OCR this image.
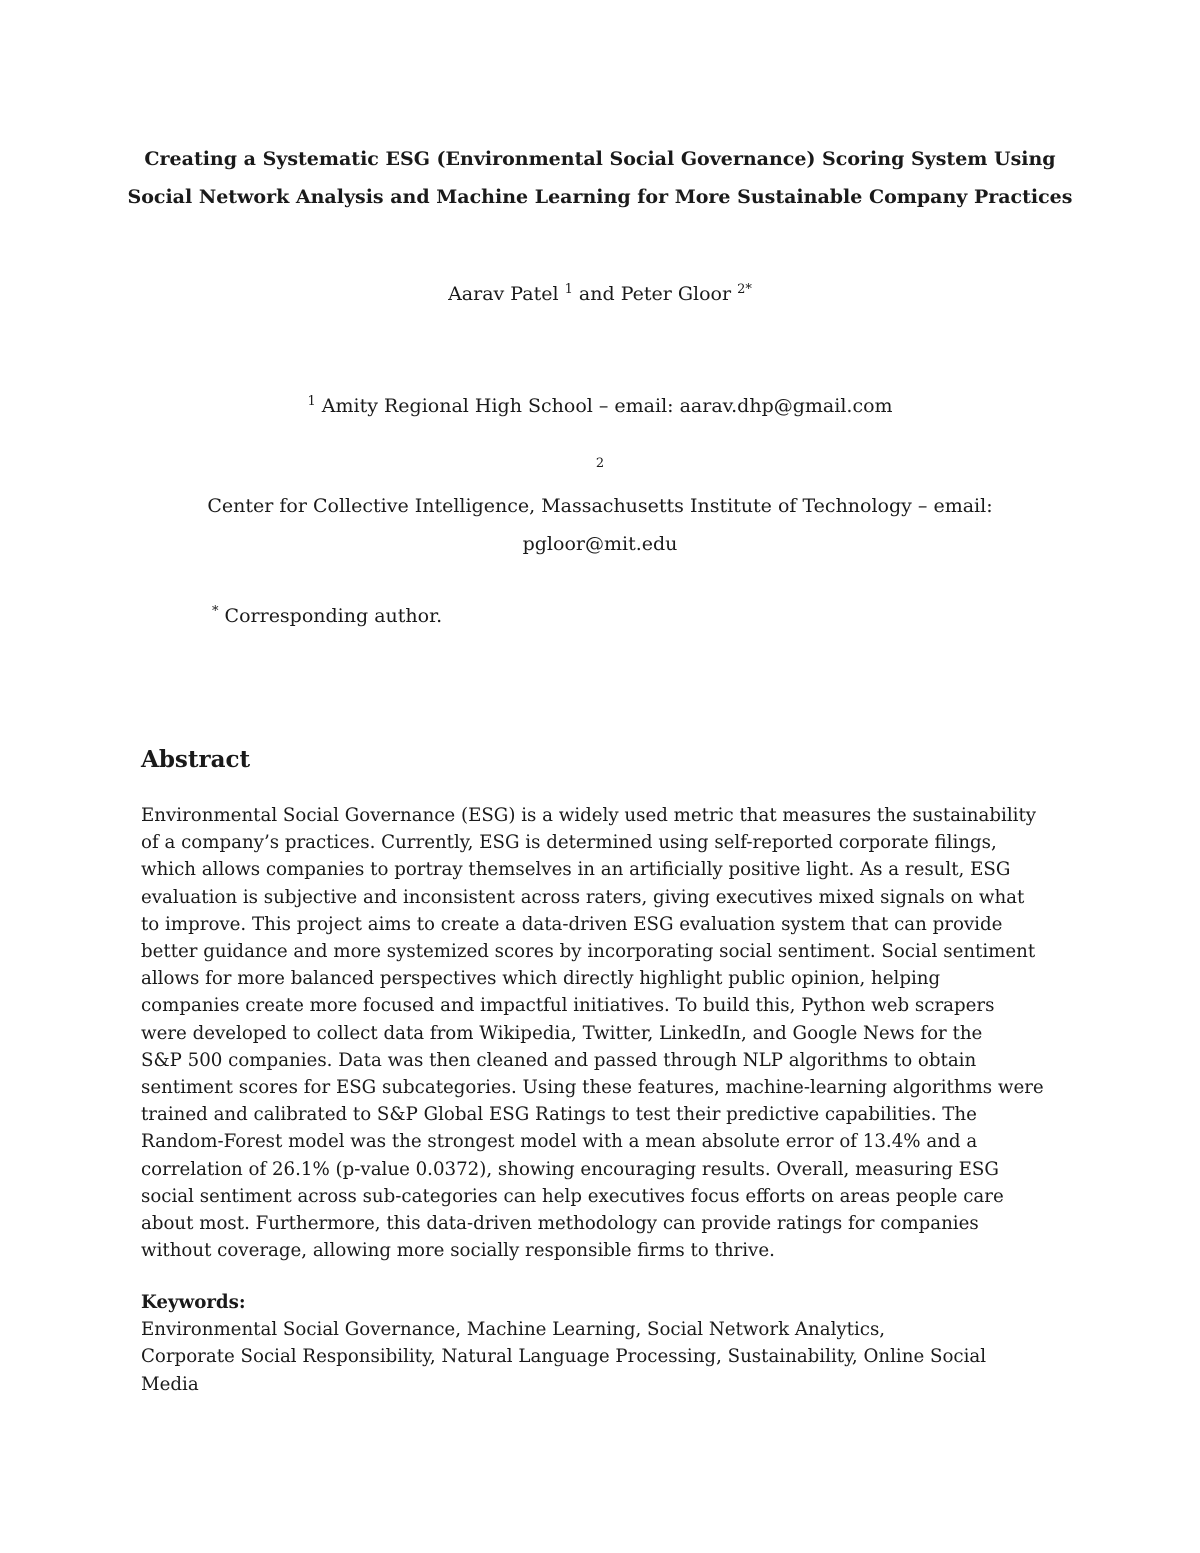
Creating a Systematic ESG (Environmental Social Governance) Scoring System Using
Social Network Analysis and Machine Learning for More Sustainable Company Practices
Aarav Patel $^1$ and Peter Gloor $^{2*}$
$^1$ Amity Regional High School – email: aarav.dhp@gmail.com
$^2$
Center for Collective Intelligence, Massachusetts Institute of Technology – email:
pgloor@mit.edu
* Corresponding author.
Abstract

Environmental Social Governance (ESG) is a widely used metric that measures the sustainability
of a company’s practices. Currently, ESG is determined using self-reported corporate filings,
which allows companies to portray themselves in an artificially positive light. As a result, ESG
evaluation is subjective and inconsistent across raters, giving executives mixed signals on what
to improve. This project aims to create a data-driven ESG evaluation system that can provide
better guidance and more systemized scores by incorporating social sentiment. Social sentiment
allows for more balanced perspectives which directly highlight public opinion, helping
companies create more focused and impactful initiatives. To build this, Python web scrapers
were developed to collect data from Wikipedia, Twitter, LinkedIn, and Google News for the
S&P 500 companies. Data was then cleaned and passed through NLP algorithms to obtain
sentiment scores for ESG subcategories. Using these features, machine-learning algorithms were
trained and calibrated to S&P Global ESG Ratings to test their predictive capabilities. The
Random-Forest model was the strongest model with a mean absolute error of 13.4% and a
correlation of 26.1% (p-value 0.0372), showing encouraging results. Overall, measuring ESG
social sentiment across sub-categories can help executives focus efforts on areas people care
about most. Furthermore, this data-driven methodology can provide ratings for companies
without coverage, allowing more socially responsible firms to thrive.

Keywords:
Environmental Social Governance, Machine Learning, Social Network Analytics,
Corporate Social Responsibility, Natural Language Processing, Sustainability, Online Social
Media
